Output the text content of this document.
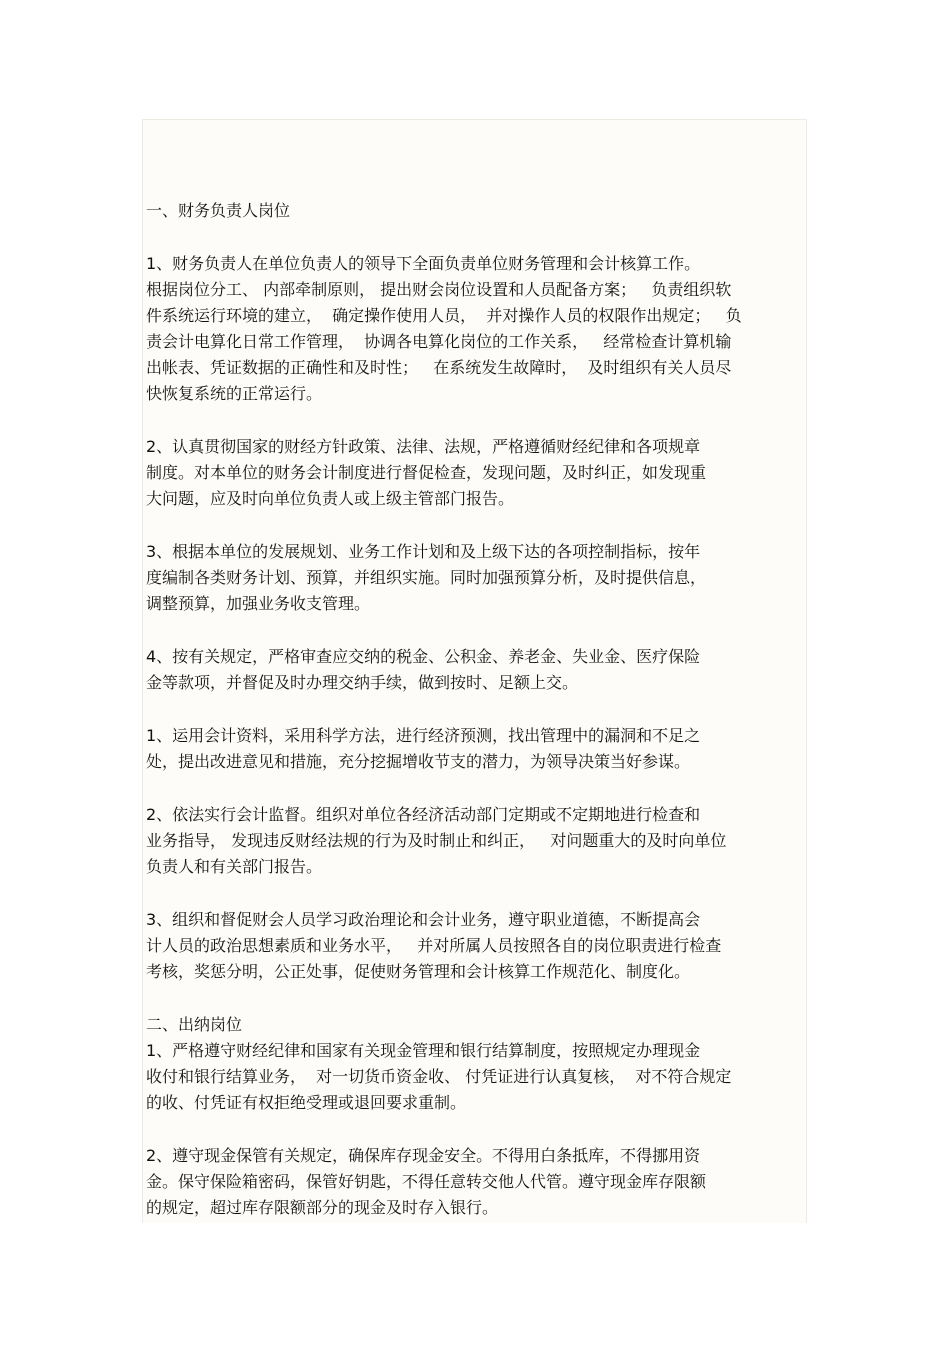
一、财务负责人岗位
1、财务负责人在单位负责人的领导下全面负责单位财务管理和会计核算工作。
根据岗位分工、 内部牵制原则， 提出财会岗位设置和人员配备方案；   负责组织软
件系统运行环境的建立，  确定操作使用人员，  并对操作人员的权限作出规定；   负
责会计电算化日常工作管理，  协调各电算化岗位的工作关系，   经常检查计算机输
出帐表、凭证数据的正确性和及时性；   在系统发生故障时，  及时组织有关人员尽
快恢复系统的正常运行。
2、认真贯彻国家的财经方针政策、法律、法规，严格遵循财经纪律和各项规章
制度。对本单位的财务会计制度进行督促检查，发现问题，及时纠正，如发现重
大问题，应及时向单位负责人或上级主管部门报告。
3、根据本单位的发展规划、业务工作计划和及上级下达的各项控制指标，按年
度编制各类财务计划、预算，并组织实施。同时加强预算分析，及时提供信息，
调整预算，加强业务收支管理。
4、按有关规定，严格审查应交纳的税金、公积金、养老金、失业金、医疗保险
金等款项，并督促及时办理交纳手续，做到按时、足额上交。
1、运用会计资料，采用科学方法，进行经济预测，找出管理中的漏洞和不足之
处，提出改进意见和措施，充分挖掘增收节支的潜力，为领导决策当好参谋。
2、依法实行会计监督。组织对单位各经济活动部门定期或不定期地进行检查和
业务指导， 发现违反财经法规的行为及时制止和纠正，   对问题重大的及时向单位
负责人和有关部门报告。
3、组织和督促财会人员学习政治理论和会计业务，遵守职业道德，不断提高会
计人员的政治思想素质和业务水平，   并对所属人员按照各自的岗位职责进行检查
考核，奖惩分明，公正处事，促使财务管理和会计核算工作规范化、制度化。
二、出纳岗位
1、严格遵守财经纪律和国家有关现金管理和银行结算制度，按照规定办理现金
收付和银行结算业务，  对一切货币资金收、 付凭证进行认真复核，  对不符合规定
的收、付凭证有权拒绝受理或退回要求重制。
2、遵守现金保管有关规定，确保库存现金安全。不得用白条抵库，不得挪用资
金。保守保险箱密码，保管好钥匙，不得任意转交他人代管。遵守现金库存限额
的规定，超过库存限额部分的现金及时存入银行。
